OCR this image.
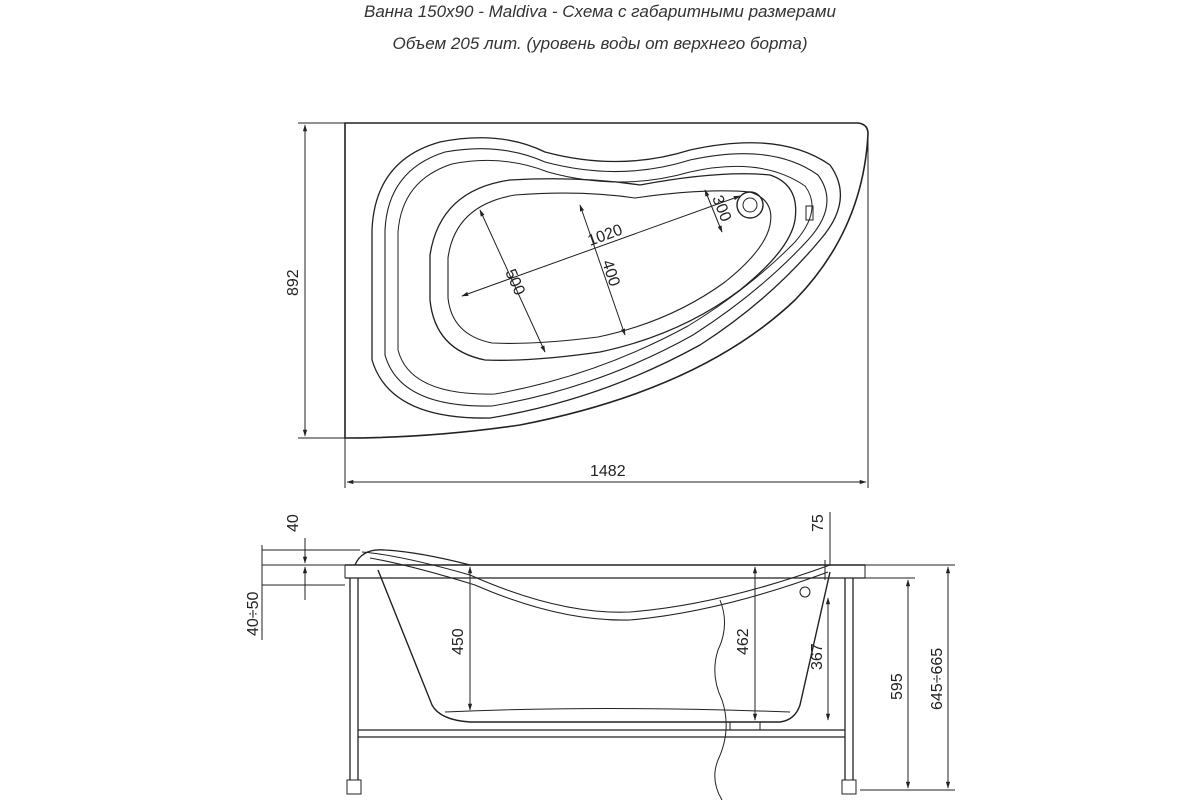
Ванна 150х90 - Maldiva - Схема с габаритными размерами
Объем 205 лит. (уровень воды от верхнего борта)
1020
500	400
300
892
1482
40
40÷50
450	462
367
75
595 645÷665
